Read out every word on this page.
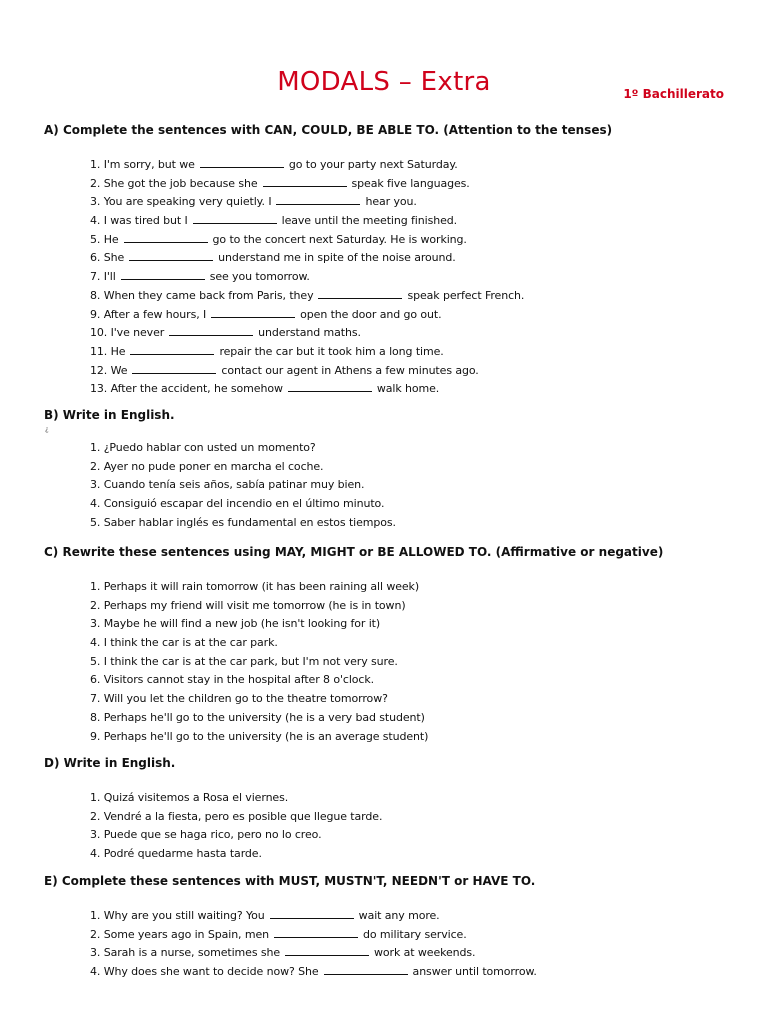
MODALS – Extra	1º Bachillerato
¿
A) Complete the sentences with CAN, COULD, BE ABLE TO. (Attention to the tenses)
1. I'm sorry, but we	go to your party next Saturday.
2. She got the job because she	speak five languages.
3. You are speaking very quietly. I	hear you.
4. I was tired but I	leave until the meeting finished.
5. He	go to the concert next Saturday. He is working.
6. She	understand me in spite of the noise around.
7. I'll	see you tomorrow.
8. When they came back from Paris, they	speak perfect French.
9. After a few hours, I	open the door and go out.
10. I've never	understand maths.
11. He	repair the car but it took him a long time.
12. We	contact our agent in Athens a few minutes ago.
13. After the accident, he somehow	walk home.
B) Write in English.
1. ¿Puedo hablar con usted un momento?
2. Ayer no pude poner en marcha el coche.
3. Cuando tenía seis años, sabía patinar muy bien.
4. Consiguió escapar del incendio en el último minuto.
5. Saber hablar inglés es fundamental en estos tiempos.
C) Rewrite these sentences using MAY, MIGHT or BE ALLOWED TO. (Affirmative or negative)
1. Perhaps it will rain tomorrow (it has been raining all week)
2. Perhaps my friend will visit me tomorrow (he is in town)
3. Maybe he will find a new job (he isn't looking for it)
4. I think the car is at the car park.
5. I think the car is at the car park, but I'm not very sure.
6. Visitors cannot stay in the hospital after 8 o'clock.
7. Will you let the children go to the theatre tomorrow?
8. Perhaps he'll go to the university (he is a very bad student)
9. Perhaps he'll go to the university (he is an average student)
D) Write in English.
1. Quizá visitemos a Rosa el viernes.
2. Vendré a la fiesta, pero es posible que llegue tarde.
3. Puede que se haga rico, pero no lo creo.
4. Podré quedarme hasta tarde.
E) Complete these sentences with MUST, MUSTN'T, NEEDN'T or HAVE TO.
1. Why are you still waiting? You	wait any more.
2. Some years ago in Spain, men	do military service.
3. Sarah is a nurse, sometimes she	work at weekends.
4. Why does she want to decide now? She	answer until tomorrow.
